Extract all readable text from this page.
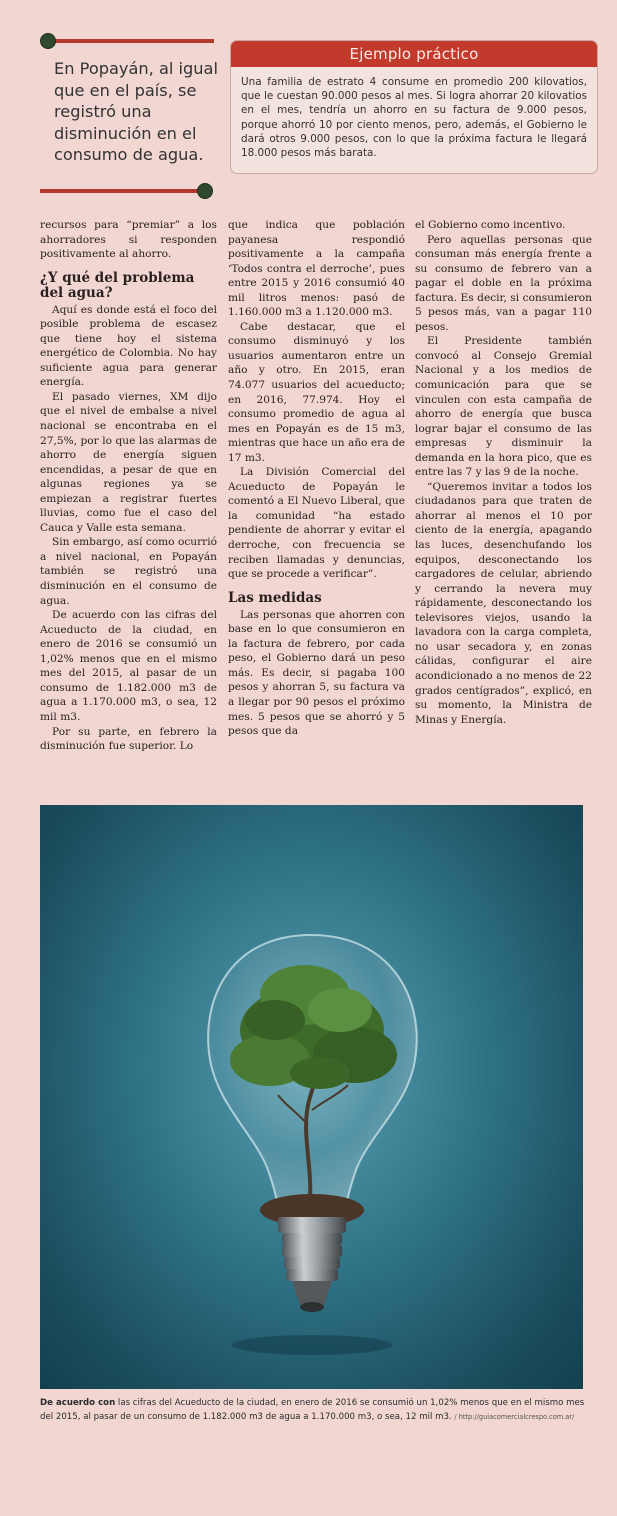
En Popayán, al igual que en el país, se registró una disminución en el consumo de agua.
Ejemplo práctico
Una familia de estrato 4 consume en promedio 200 kilovatios, que le cuestan 90.000 pesos al mes. Si logra ahorrar 20 kilovatios en el mes, tendría un ahorro en su factura de 9.000 pesos, porque ahorró 10 por ciento menos, pero, además, el Gobierno le dará otros 9.000 pesos, con lo que la próxima factura le llegará 18.000 pesos más barata.

recursos para “premiar” a los ahorradores si responden positivamente al ahorro.

¿Y qué del problema del agua?

Aquí es donde está el foco del posible problema de escasez que tiene hoy el sistema energético de Colombia. No hay suficiente agua para generar energía.

El pasado viernes, XM dijo que el nivel de embalse a nivel nacional se encontraba en el 27,5%, por lo que las alarmas de ahorro de energía siguen encendidas, a pesar de que en algunas regiones ya se empiezan a registrar fuertes lluvias, como fue el caso del Cauca y Valle esta semana.

Sin embargo, así como ocurrió a nivel nacional, en Popayán también se registró una disminución en el consumo de agua.

De acuerdo con las cifras del Acueducto de la ciudad, en enero de 2016 se consumió un 1,02% menos que en el mismo mes del 2015, al pasar de un consumo de 1.182.000 m3 de agua a 1.170.000 m3, o sea, 12 mil m3.

Por su parte, en febrero la disminución fue superior. Lo

que indica que población payanesa respondió positivamente a la campaña ‘Todos contra el derroche’, pues entre 2015 y 2016 consumió 40 mil litros menos: pasó de 1.160.000 m3 a 1.120.000 m3.

Cabe destacar, que el consumo disminuyó y los usuarios aumentaron entre un año y otro. En 2015, eran 74.077 usuarios del acueducto; en 2016, 77.974. Hoy el consumo promedio de agua al mes en Popayán es de 15 m3, mientras que hace un año era de 17 m3.

La División Comercial del Acueducto de Popayán le comentó a El Nuevo Liberal, que la comunidad “ha estado pendiente de ahorrar y evitar el derroche, con frecuencia se reciben llamadas y denuncias, que se procede a verificar”.

Las medidas

Las personas que ahorren con base en lo que consumieron en la factura de febrero, por cada peso, el Gobierno dará un peso más. Es decir, si pagaba 100 pesos y ahorran 5, su factura va a llegar por 90 pesos el próximo mes. 5 pesos que se ahorró y 5 pesos que da

el Gobierno como incentivo.

Pero aquellas personas que consuman más energía frente a su consumo de febrero van a pagar el doble en la próxima factura. Es decir, si consumieron 5 pesos más, van a pagar 110 pesos.

El Presidente también convocó al Consejo Gremial Nacional y a los medios de comunicación para que se vinculen con esta campaña de ahorro de energía que busca lograr bajar el consumo de las empresas y disminuir la demanda en la hora pico, que es entre las 7 y las 9 de la noche.

“Queremos invitar a todos los ciudadanos para que traten de ahorrar al menos el 10 por ciento de la energía, apagando las luces, desenchufando los equipos, desconectando los cargadores de celular, abriendo y cerrando la nevera muy rápidamente, desconectando los televisores viejos, usando la lavadora con la carga completa, no usar secadora y, en zonas cálidas, configurar el aire acondicionado a no menos de 22 grados centígrados”, explicó, en su momento, la Ministra de Minas y Energía.

De acuerdo con las cifras del Acueducto de la ciudad, en enero de 2016 se consumió un 1,02% menos que en el mismo mes del 2015, al pasar de un consumo de 1.182.000 m3 de agua a 1.170.000 m3, o sea, 12 mil m3. / http://guiacomercialcrespo.com.ar/
